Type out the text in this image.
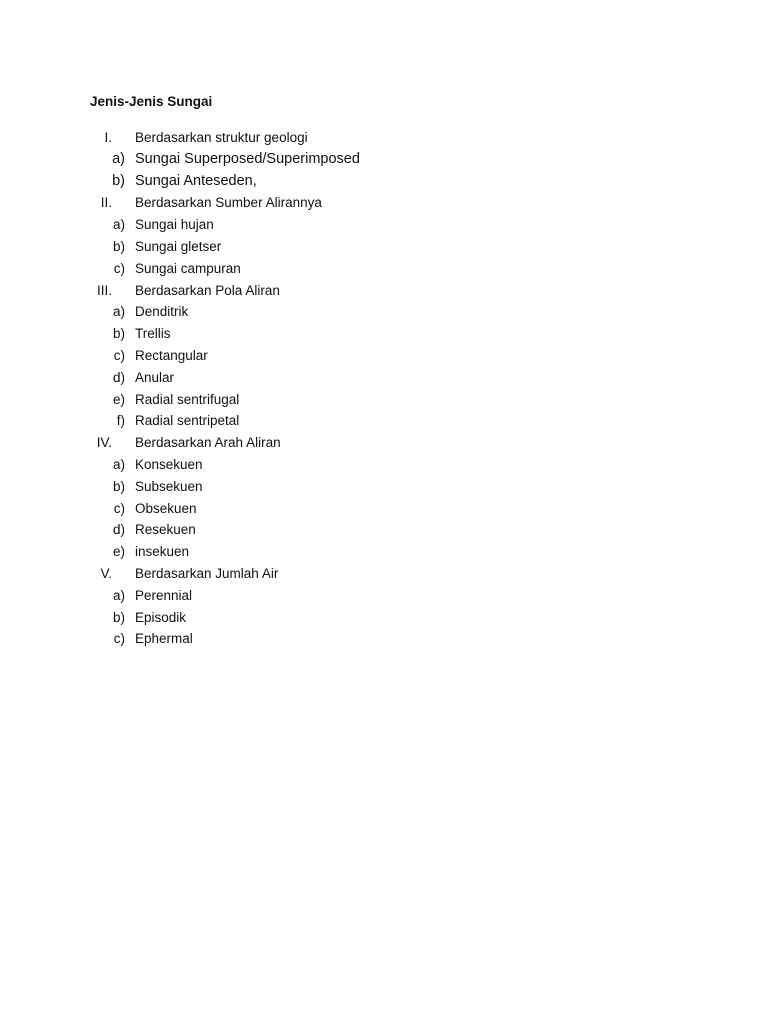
Jenis-Jenis Sungai
I. Berdasarkan struktur geologi
a) Sungai Superposed/Superimposed
b) Sungai Anteseden,
II. Berdasarkan Sumber Alirannya
a) Sungai hujan
b) Sungai gletser
c) Sungai campuran
III. Berdasarkan Pola Aliran
a) Denditrik
b) Trellis
c) Rectangular
d) Anular
e) Radial sentrifugal
f) Radial sentripetal
IV. Berdasarkan Arah Aliran
a) Konsekuen
b) Subsekuen
c) Obsekuen
d) Resekuen
e) insekuen
V. Berdasarkan Jumlah Air
a) Perennial
b) Episodik
c) Ephermal
